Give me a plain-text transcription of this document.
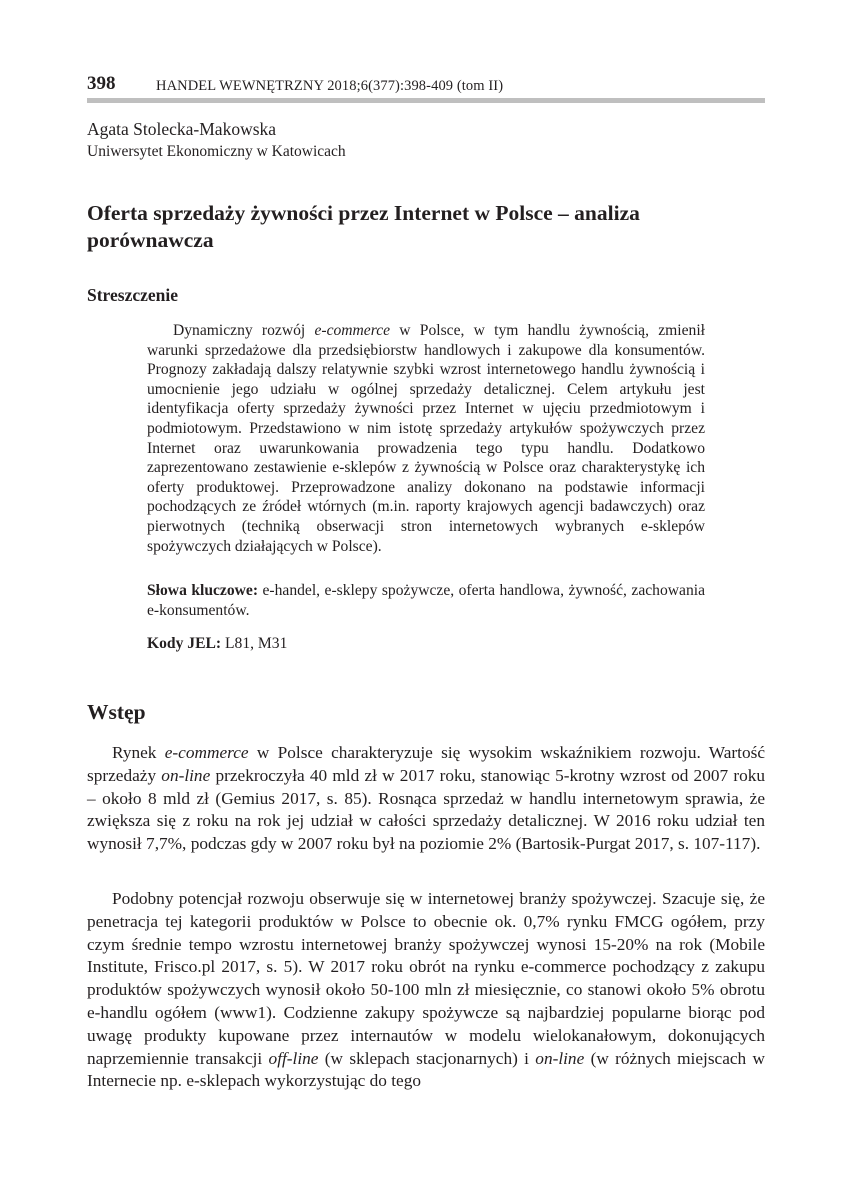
398	HANDEL WEWNĘTRZNY 2018;6(377):398-409 (tom II)
Agata Stolecka-Makowska
Uniwersytet Ekonomiczny w Katowicach
Oferta sprzedaży żywności przez Internet w Polsce – analiza porównawcza
Streszczenie

Dynamiczny rozwój e-commerce w Polsce, w tym handlu żywnością, zmienił warunki sprzedażowe dla przedsiębiorstw handlowych i zakupowe dla konsumentów. Prognozy zakładają dalszy relatywnie szybki wzrost internetowego handlu żywnością i umocnienie jego udziału w ogólnej sprzedaży detalicznej. Celem artykułu jest identyfikacja oferty sprzedaży żywności przez Internet w ujęciu przedmiotowym i podmiotowym. Przedstawiono w nim istotę sprzedaży artykułów spożywczych przez Internet oraz uwarunkowania prowadzenia tego typu handlu. Dodatkowo zaprezentowano zestawienie e-sklepów z żywnością w Polsce oraz charakterystykę ich oferty produktowej. Przeprowadzone analizy dokonano na podstawie informacji pochodzących ze źródeł wtórnych (m.in. raporty krajowych agencji badawczych) oraz pierwotnych (techniką obserwacji stron internetowych wybranych e-sklepów spożywczych działających w Polsce).

Słowa kluczowe: e-handel, e-sklepy spożywcze, oferta handlowa, żywność, zachowania e-konsumentów.

Kody JEL: L81, M31

Wstęp

Rynek e-commerce w Polsce charakteryzuje się wysokim wskaźnikiem rozwoju. Wartość sprzedaży on-line przekroczyła 40 mld zł w 2017 roku, stanowiąc 5-krotny wzrost od 2007 roku – około 8 mld zł (Gemius 2017, s. 85). Rosnąca sprzedaż w handlu internetowym sprawia, że zwiększa się z roku na rok jej udział w całości sprzedaży detalicznej. W 2016 roku udział ten wynosił 7,7%, podczas gdy w 2007 roku był na poziomie 2% (Bartosik-Purgat 2017, s. 107-117).

Podobny potencjał rozwoju obserwuje się w internetowej branży spożywczej. Szacuje się, że penetracja tej kategorii produktów w Polsce to obecnie ok. 0,7% rynku FMCG ogółem, przy czym średnie tempo wzrostu internetowej branży spożywczej wynosi 15-20% na rok (Mobile Institute, Frisco.pl 2017, s. 5). W 2017 roku obrót na rynku e-commerce pochodzący z zakupu produktów spożywczych wynosił około 50-100 mln zł miesięcznie, co stanowi około 5% obrotu e-handlu ogółem (www1). Codzienne zakupy spożywcze są najbardziej popularne biorąc pod uwagę produkty kupowane przez internautów w modelu wielokanałowym, dokonujących naprzemiennie transakcji off-line (w sklepach stacjonarnych) i on-line (w różnych miejscach w Internecie np. e-sklepach wykorzystując do tego
